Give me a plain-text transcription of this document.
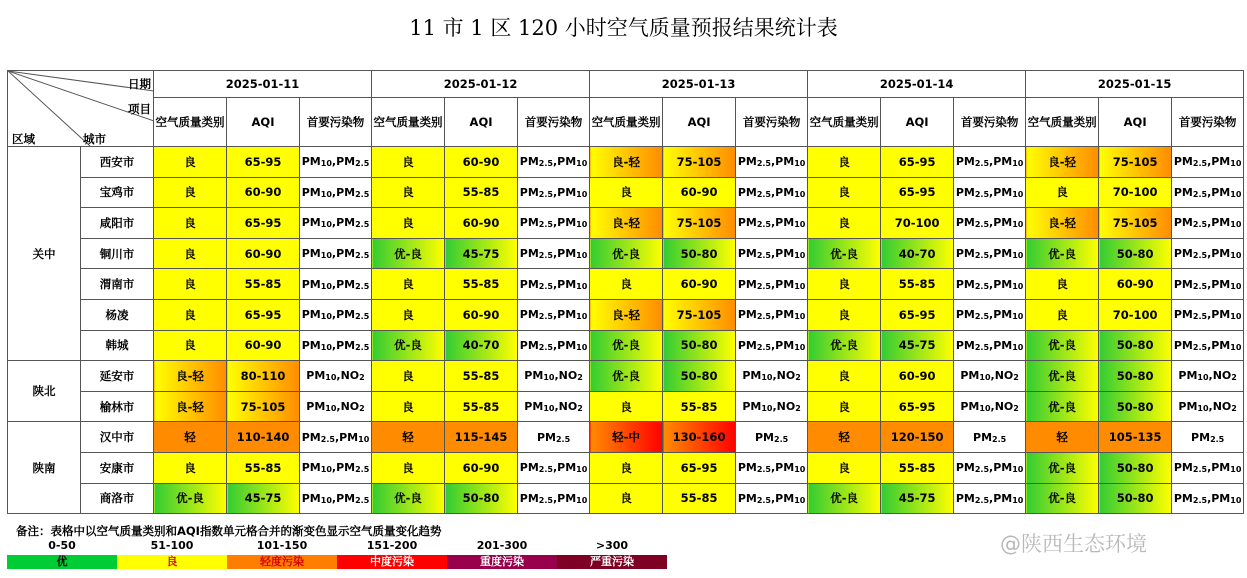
11 市 1 区 120 小时空气质量预报结果统计表
日期
项目
城市
区域		2025-01-11			2025-01-12			2025-01-13			2025-01-14			2025-01-15		

		空气质量类别	AQI	首要污染物	空气质量类别	AQI	首要污染物	空气质量类别	AQI	首要污染物	空气质量类别	AQI	首要污染物	空气质量类别	AQI	首要污染物

关中	西安市	良	65-95	$PM_{10},PM_{2.5}$	良	60-90	$PM_{2.5},PM_{10}$	良-轻	75-105	$PM_{2.5},PM_{10}$	良	65-95	$PM_{2.5},PM_{10}$	良-轻	75-105	$PM_{2.5},PM_{10}$
	宝鸡市	良	60-90	$PM_{10},PM_{2.5}$	良	55-85	$PM_{2.5},PM_{10}$	良	60-90	$PM_{2.5},PM_{10}$	良	65-95	$PM_{2.5},PM_{10}$	良	70-100	$PM_{2.5},PM_{10}$
	咸阳市	良	65-95	$PM_{10},PM_{2.5}$	良	60-90	$PM_{2.5},PM_{10}$	良-轻	75-105	$PM_{2.5},PM_{10}$	良	70-100	$PM_{2.5},PM_{10}$	良-轻	75-105	$PM_{2.5},PM_{10}$
	铜川市	良	60-90	$PM_{10},PM_{2.5}$	优-良	45-75	$PM_{2.5},PM_{10}$	优-良	50-80	$PM_{2.5},PM_{10}$	优-良	40-70	$PM_{2.5},PM_{10}$	优-良	50-80	$PM_{2.5},PM_{10}$
	渭南市	良	55-85	$PM_{10},PM_{2.5}$	良	55-85	$PM_{2.5},PM_{10}$	良	60-90	$PM_{2.5},PM_{10}$	良	55-85	$PM_{2.5},PM_{10}$	良	60-90	$PM_{2.5},PM_{10}$
	杨凌	良	65-95	$PM_{10},PM_{2.5}$	良	60-90	$PM_{2.5},PM_{10}$	良-轻	75-105	$PM_{2.5},PM_{10}$	良	65-95	$PM_{2.5},PM_{10}$	良	70-100	$PM_{2.5},PM_{10}$
	韩城	良	60-90	$PM_{10},PM_{2.5}$	优-良	40-70	$PM_{2.5},PM_{10}$	优-良	50-80	$PM_{2.5},PM_{10}$	优-良	45-75	$PM_{2.5},PM_{10}$	优-良	50-80	$PM_{2.5},PM_{10}$
陕北	延安市	良-轻	80-110	$PM_{10},NO_2$	良	55-85	$PM_{10},NO_2$	优-良	50-80	$PM_{10},NO_2$	良	60-90	$PM_{10},NO_2$	优-良	50-80	$PM_{10},NO_2$
	榆林市	良-轻	75-105	$PM_{10},NO_2$	良	55-85	$PM_{10},NO_2$	良	55-85	$PM_{10},NO_2$	良	65-95	$PM_{10},NO_2$	优-良	50-80	$PM_{10},NO_2$
陕南	汉中市	轻	110-140	$PM_{2.5},PM_{10}$	轻	115-145	$PM_{2.5}$	轻-中	130-160	$PM_{2.5}$	轻	120-150	$PM_{2.5}$	轻	105-135	$PM_{2.5}$
	安康市	良	55-85	$PM_{10},PM_{2.5}$	良	60-90	$PM_{2.5},PM_{10}$	良	65-95	$PM_{2.5},PM_{10}$	良	55-85	$PM_{2.5},PM_{10}$	优-良	50-80	$PM_{2.5},PM_{10}$
	商洛市	优-良	45-75	$PM_{10},PM_{2.5}$	优-良	50-80	$PM_{2.5},PM_{10}$	良	55-85	$PM_{2.5},PM_{10}$	优-良	45-75	$PM_{2.5},PM_{10}$	优-良	50-80	$PM_{2.5},PM_{10}$
备注：表格中以空气质量类别和AQI指数单元格合并的渐变色显示空气质量变化趋势
0-50
优
51-100
良
101-150
轻度污染
151-200
中度污染
201-300
重度污染
>300
严重污染
@陕西生态环境
